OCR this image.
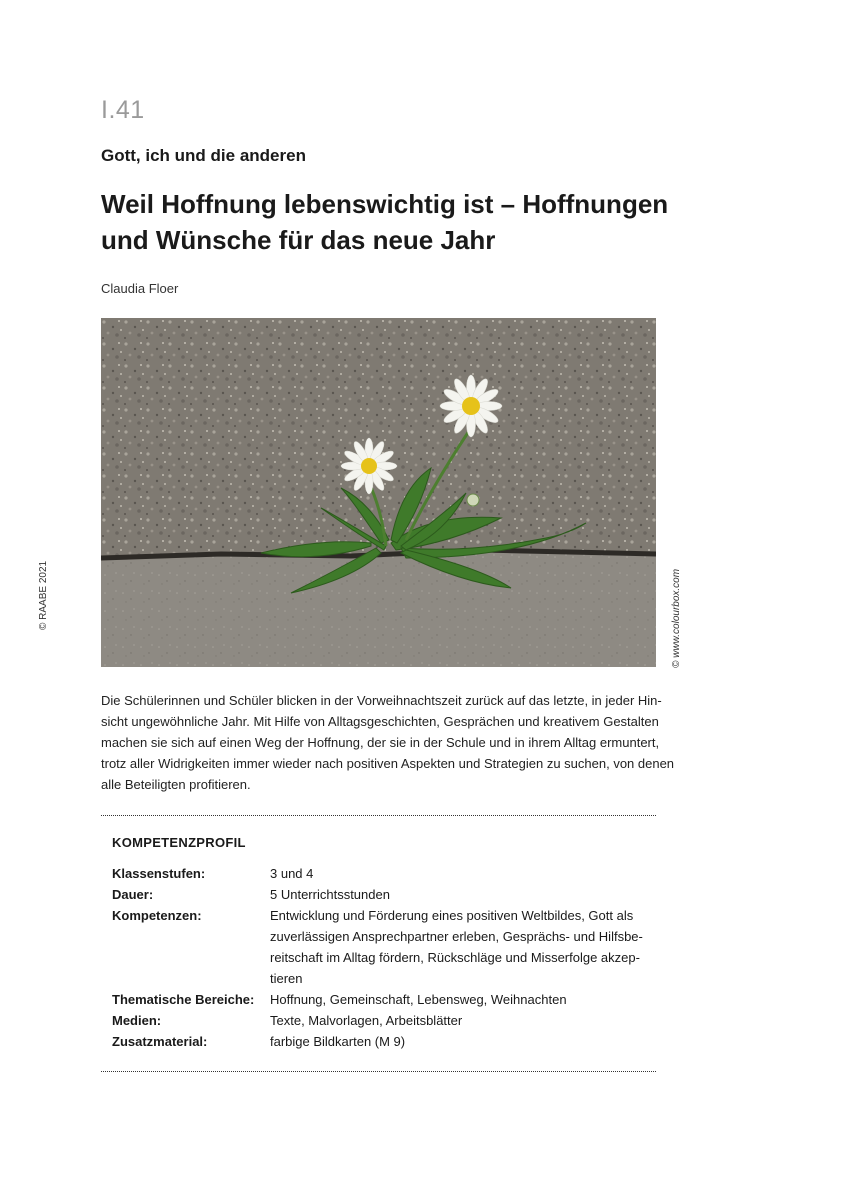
I.41
Gott, ich und die anderen
Weil Hoffnung lebenswichtig ist – Hoffnungen
und Wünsche für das neue Jahr
Claudia Floer
© www.colourbox.com
© RAABE 2021
Die Schülerinnen und Schüler blicken in der Vorweihnachtszeit zurück auf das letzte, in jeder Hin-
sicht ungewöhnliche Jahr. Mit Hilfe von Alltagsgeschichten, Gesprächen und kreativem Gestalten
machen sie sich auf einen Weg der Hoffnung, der sie in der Schule und in ihrem Alltag ermuntert,
trotz aller Widrigkeiten immer wieder nach positiven Aspekten und Strategien zu suchen, von denen
alle Beteiligten profitieren.
KOMPETENZPROFIL
Klassenstufen:	3 und 4
Dauer:	5 Unterrichtsstunden
Kompetenzen:	Entwicklung und Förderung eines positiven Weltbildes, Gott als
zuverlässigen Ansprechpartner erleben, Gesprächs- und Hilfsbe-
reitschaft im Alltag fördern, Rückschläge und Misserfolge akzep-
tieren
Thematische Bereiche:	Hoffnung, Gemeinschaft, Lebensweg, Weihnachten
Medien:	Texte, Malvorlagen, Arbeitsblätter
Zusatzmaterial:	farbige Bildkarten (M 9)
